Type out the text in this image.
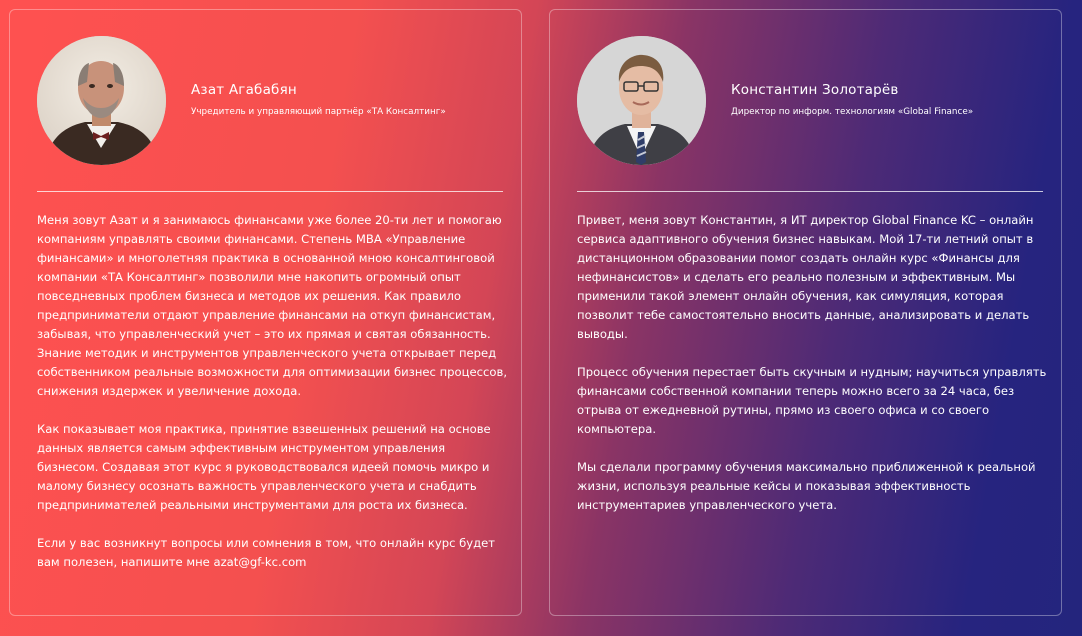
Азат Агабабян
Учредитель и управляющий партнёр «ТА Консалтинг»

Меня зовут Азат и я занимаюсь финансами уже более 20-ти лет и помогаю компаниям управлять своими финансами. Степень МВА «Управление финансами» и многолетняя практика в основанной мною консалтинговой компании «ТА Консалтинг» позволили мне накопить огромный опыт повседневных проблем бизнеса и методов их решения. Как правило предприниматели отдают управление финансами на откуп финансистам, забывая, что управленческий учет – это их прямая и святая обязанность. Знание методик и инструментов управленческого учета открывает перед собственником реальные возможности для оптимизации бизнес процессов, снижения издержек и увеличение дохода.

Как показывает моя практика, принятие взвешенных решений на основе данных является самым эффективным инструментом управления бизнесом. Создавая этот курс я руководствовался идеей помочь микро и малому бизнесу осознать важность управленческого учета и снабдить предпринимателей реальными инструментами для роста их бизнеса.

Если у вас возникнут вопросы или сомнения в том, что онлайн курс будет вам полезен, напишите мне azat@gf-kc.com

Константин Золотарёв
Директор по информ. технологиям «Global Finance»

Привет, меня зовут Константин, я ИТ директор Global Finance KC – онлайн сервиса адаптивного обучения бизнес навыкам. Мой 17-ти летний опыт в дистанционном образовании помог создать онлайн курс «Финансы для нефинансистов» и сделать его реально полезным и эффективным. Мы применили такой элемент онлайн обучения, как симуляция, которая позволит тебе самостоятельно вносить данные, анализировать и делать выводы.

Процесс обучения перестает быть скучным и нудным; научиться управлять финансами собственной компании теперь можно всего за 24 часа, без отрыва от ежедневной рутины, прямо из своего офиса и со своего компьютера.

Мы сделали программу обучения максимально приближенной к реальной жизни, используя реальные кейсы и показывая эффективность инструментариев управленческого учета.
